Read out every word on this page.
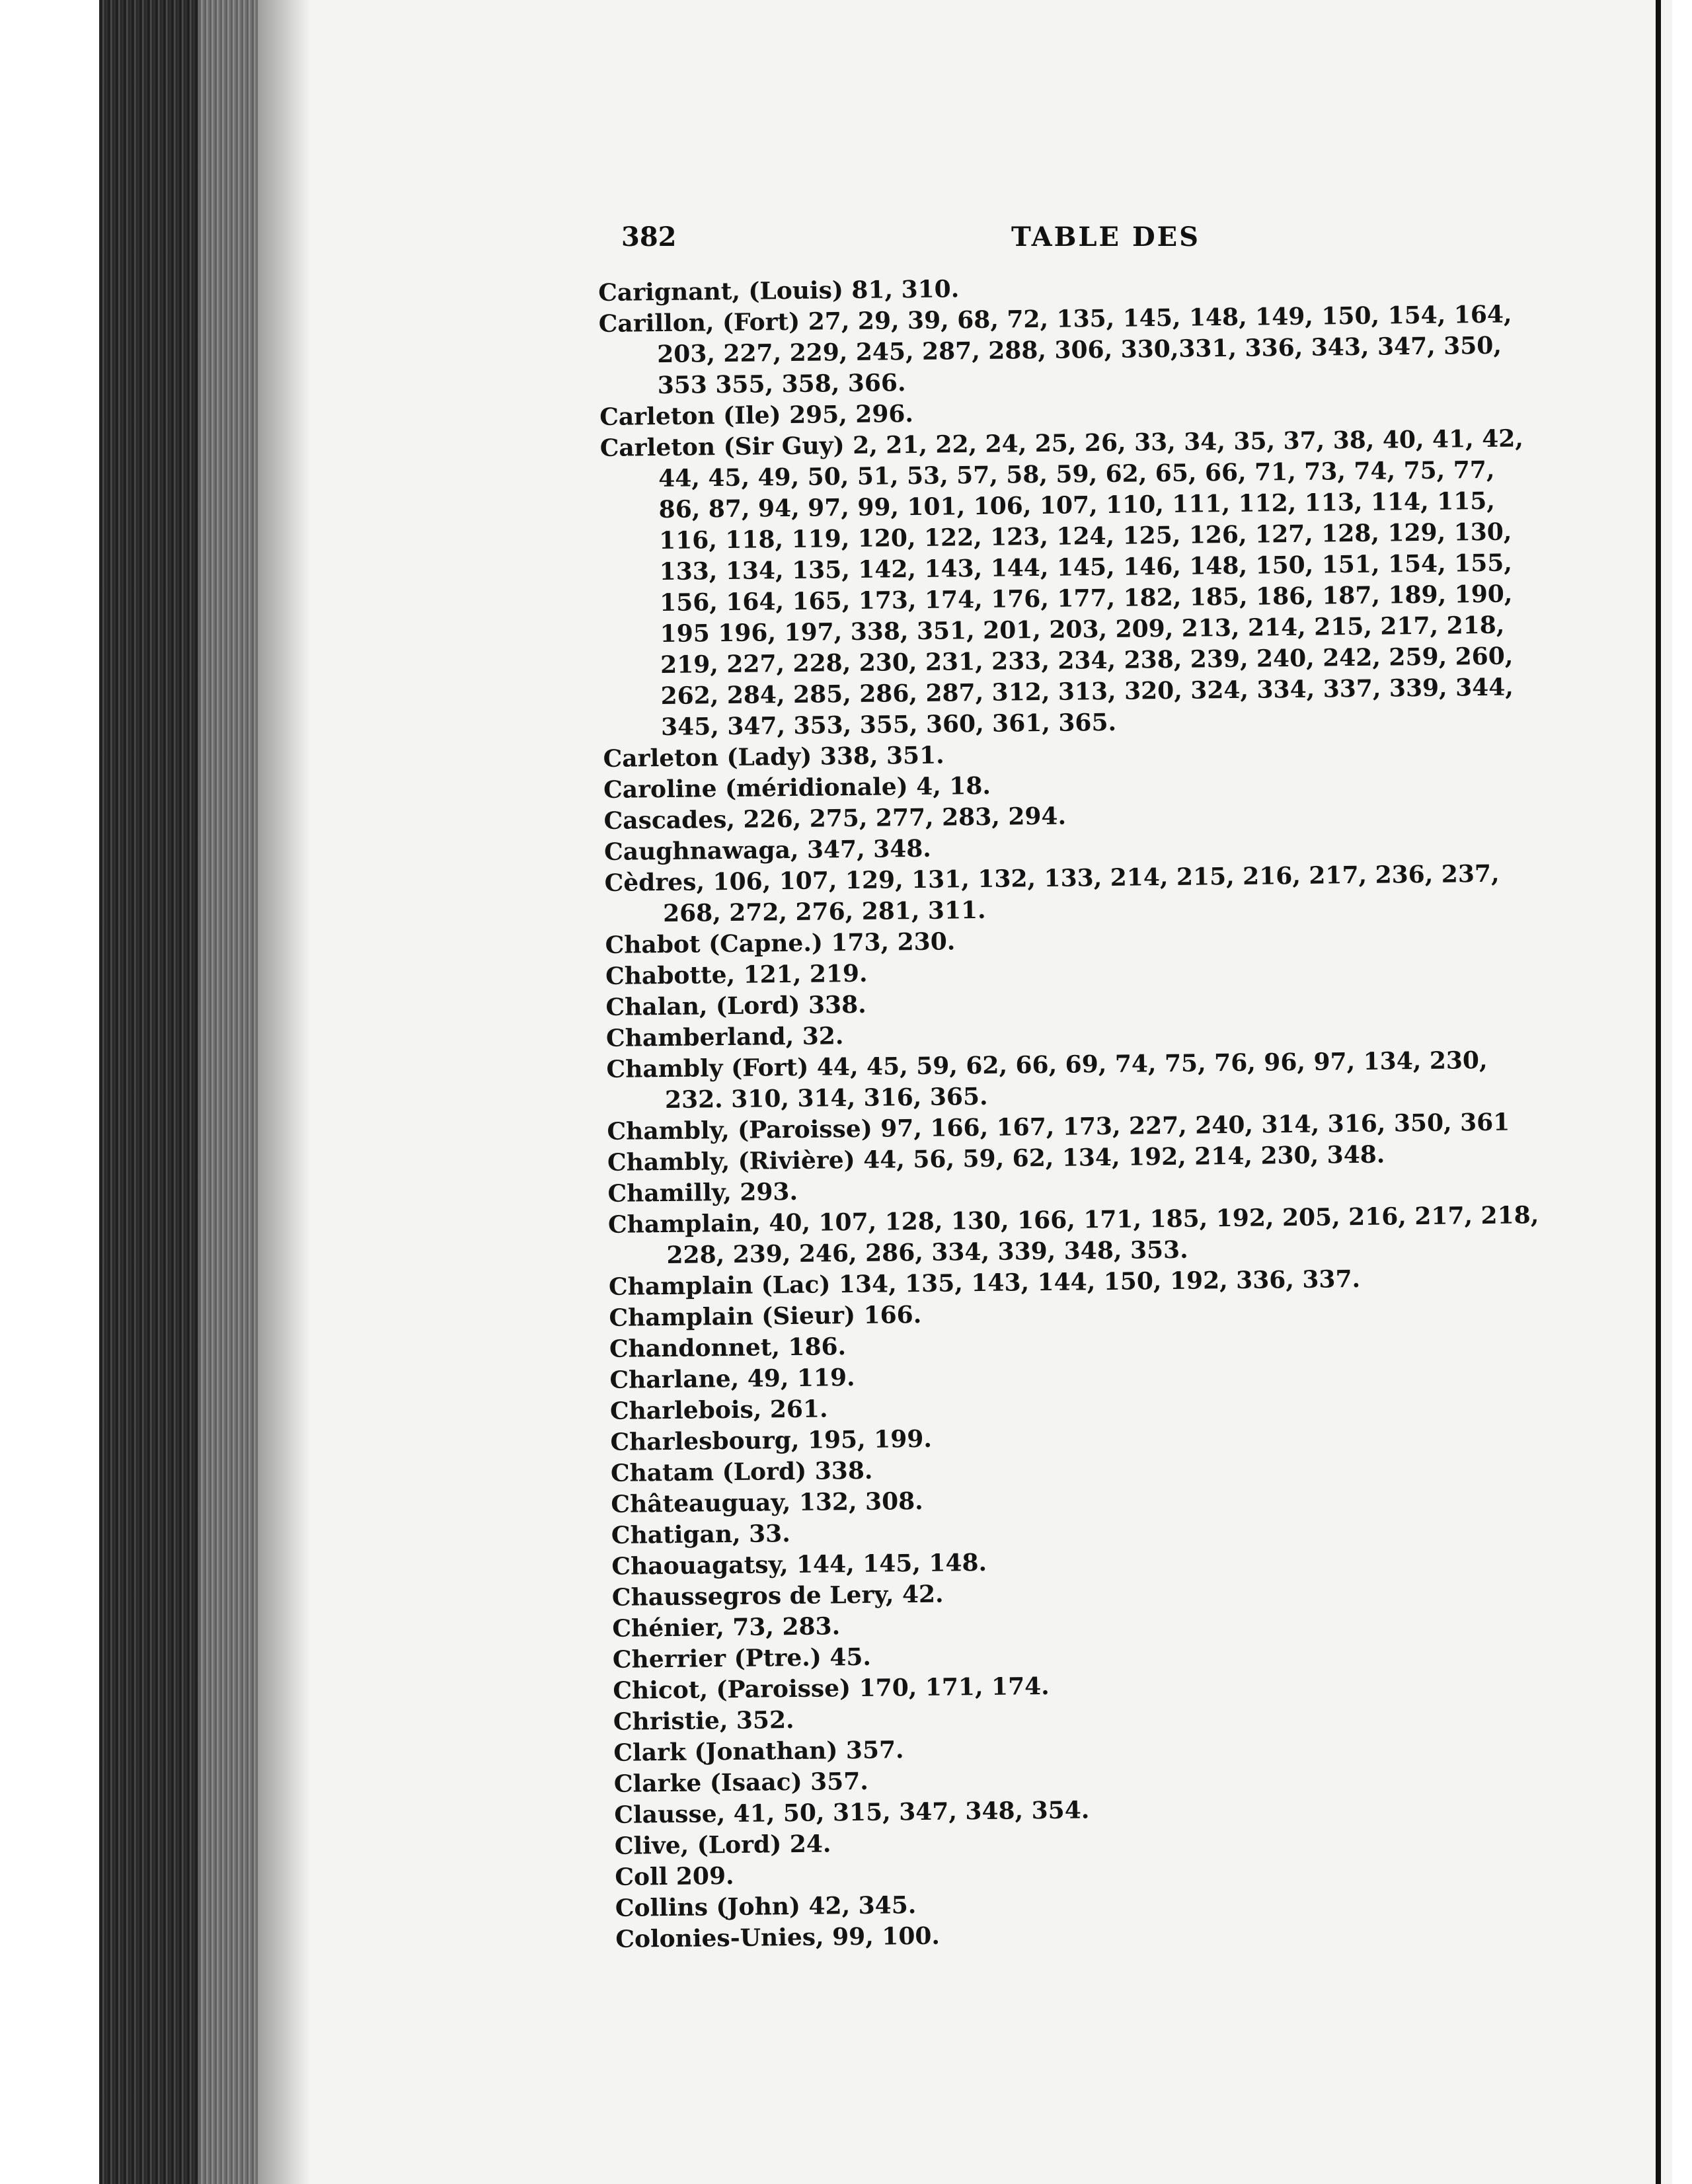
382	TABLE DES

Carignant, (Louis) 81, 310.

Carillon, (Fort) 27, 29, 39, 68, 72, 135, 145, 148, 149, 150, 154, 164, 203, 227, 229, 245, 287, 288, 306, 330,331, 336, 343, 347, 350, 353 355, 358, 366.

Carleton (Ile) 295, 296.

Carleton (Sir Guy) 2, 21, 22, 24, 25, 26, 33, 34, 35, 37, 38, 40, 41, 42, 44, 45, 49, 50, 51, 53, 57, 58, 59, 62, 65, 66, 71, 73, 74, 75, 77, 86, 87, 94, 97, 99, 101, 106, 107, 110, 111, 112, 113, 114, 115, 116, 118, 119, 120, 122, 123, 124, 125, 126, 127, 128, 129, 130, 133, 134, 135, 142, 143, 144, 145, 146, 148, 150, 151, 154, 155, 156, 164, 165, 173, 174, 176, 177, 182, 185, 186, 187, 189, 190, 195 196, 197, 338, 351, 201, 203, 209, 213, 214, 215, 217, 218, 219, 227, 228, 230, 231, 233, 234, 238, 239, 240, 242, 259, 260, 262, 284, 285, 286, 287, 312, 313, 320, 324, 334, 337, 339, 344, 345, 347, 353, 355, 360, 361, 365.

Carleton (Lady) 338, 351.

Caroline (méridionale) 4, 18.

Cascades, 226, 275, 277, 283, 294.

Caughnawaga, 347, 348.

Cèdres, 106, 107, 129, 131, 132, 133, 214, 215, 216, 217, 236, 237, 268, 272, 276, 281, 311.

Chabot (Capne.) 173, 230.

Chabotte, 121, 219.

Chalan, (Lord) 338.

Chamberland, 32.

Chambly (Fort) 44, 45, 59, 62, 66, 69, 74, 75, 76, 96, 97, 134, 230, 232. 310, 314, 316, 365.

Chambly, (Paroisse) 97, 166, 167, 173, 227, 240, 314, 316, 350, 361

Chambly, (Rivière) 44, 56, 59, 62, 134, 192, 214, 230, 348.

Chamilly, 293.

Champlain, 40, 107, 128, 130, 166, 171, 185, 192, 205, 216, 217, 218, 228, 239, 246, 286, 334, 339, 348, 353.

Champlain (Lac) 134, 135, 143, 144, 150, 192, 336, 337.

Champlain (Sieur) 166.

Chandonnet, 186.

Charlane, 49, 119.

Charlebois, 261.

Charlesbourg, 195, 199.

Chatam (Lord) 338.

Châteauguay, 132, 308.

Chatigan, 33.

Chaouagatsy, 144, 145, 148.

Chaussegros de Lery, 42.

Chénier, 73, 283.

Cherrier (Ptre.) 45.

Chicot, (Paroisse) 170, 171, 174.

Christie, 352.

Clark (Jonathan) 357.

Clarke (Isaac) 357.

Clausse, 41, 50, 315, 347, 348, 354.

Clive, (Lord) 24.

Coll 209.

Collins (John) 42, 345.

Colonies-Unies, 99, 100.
